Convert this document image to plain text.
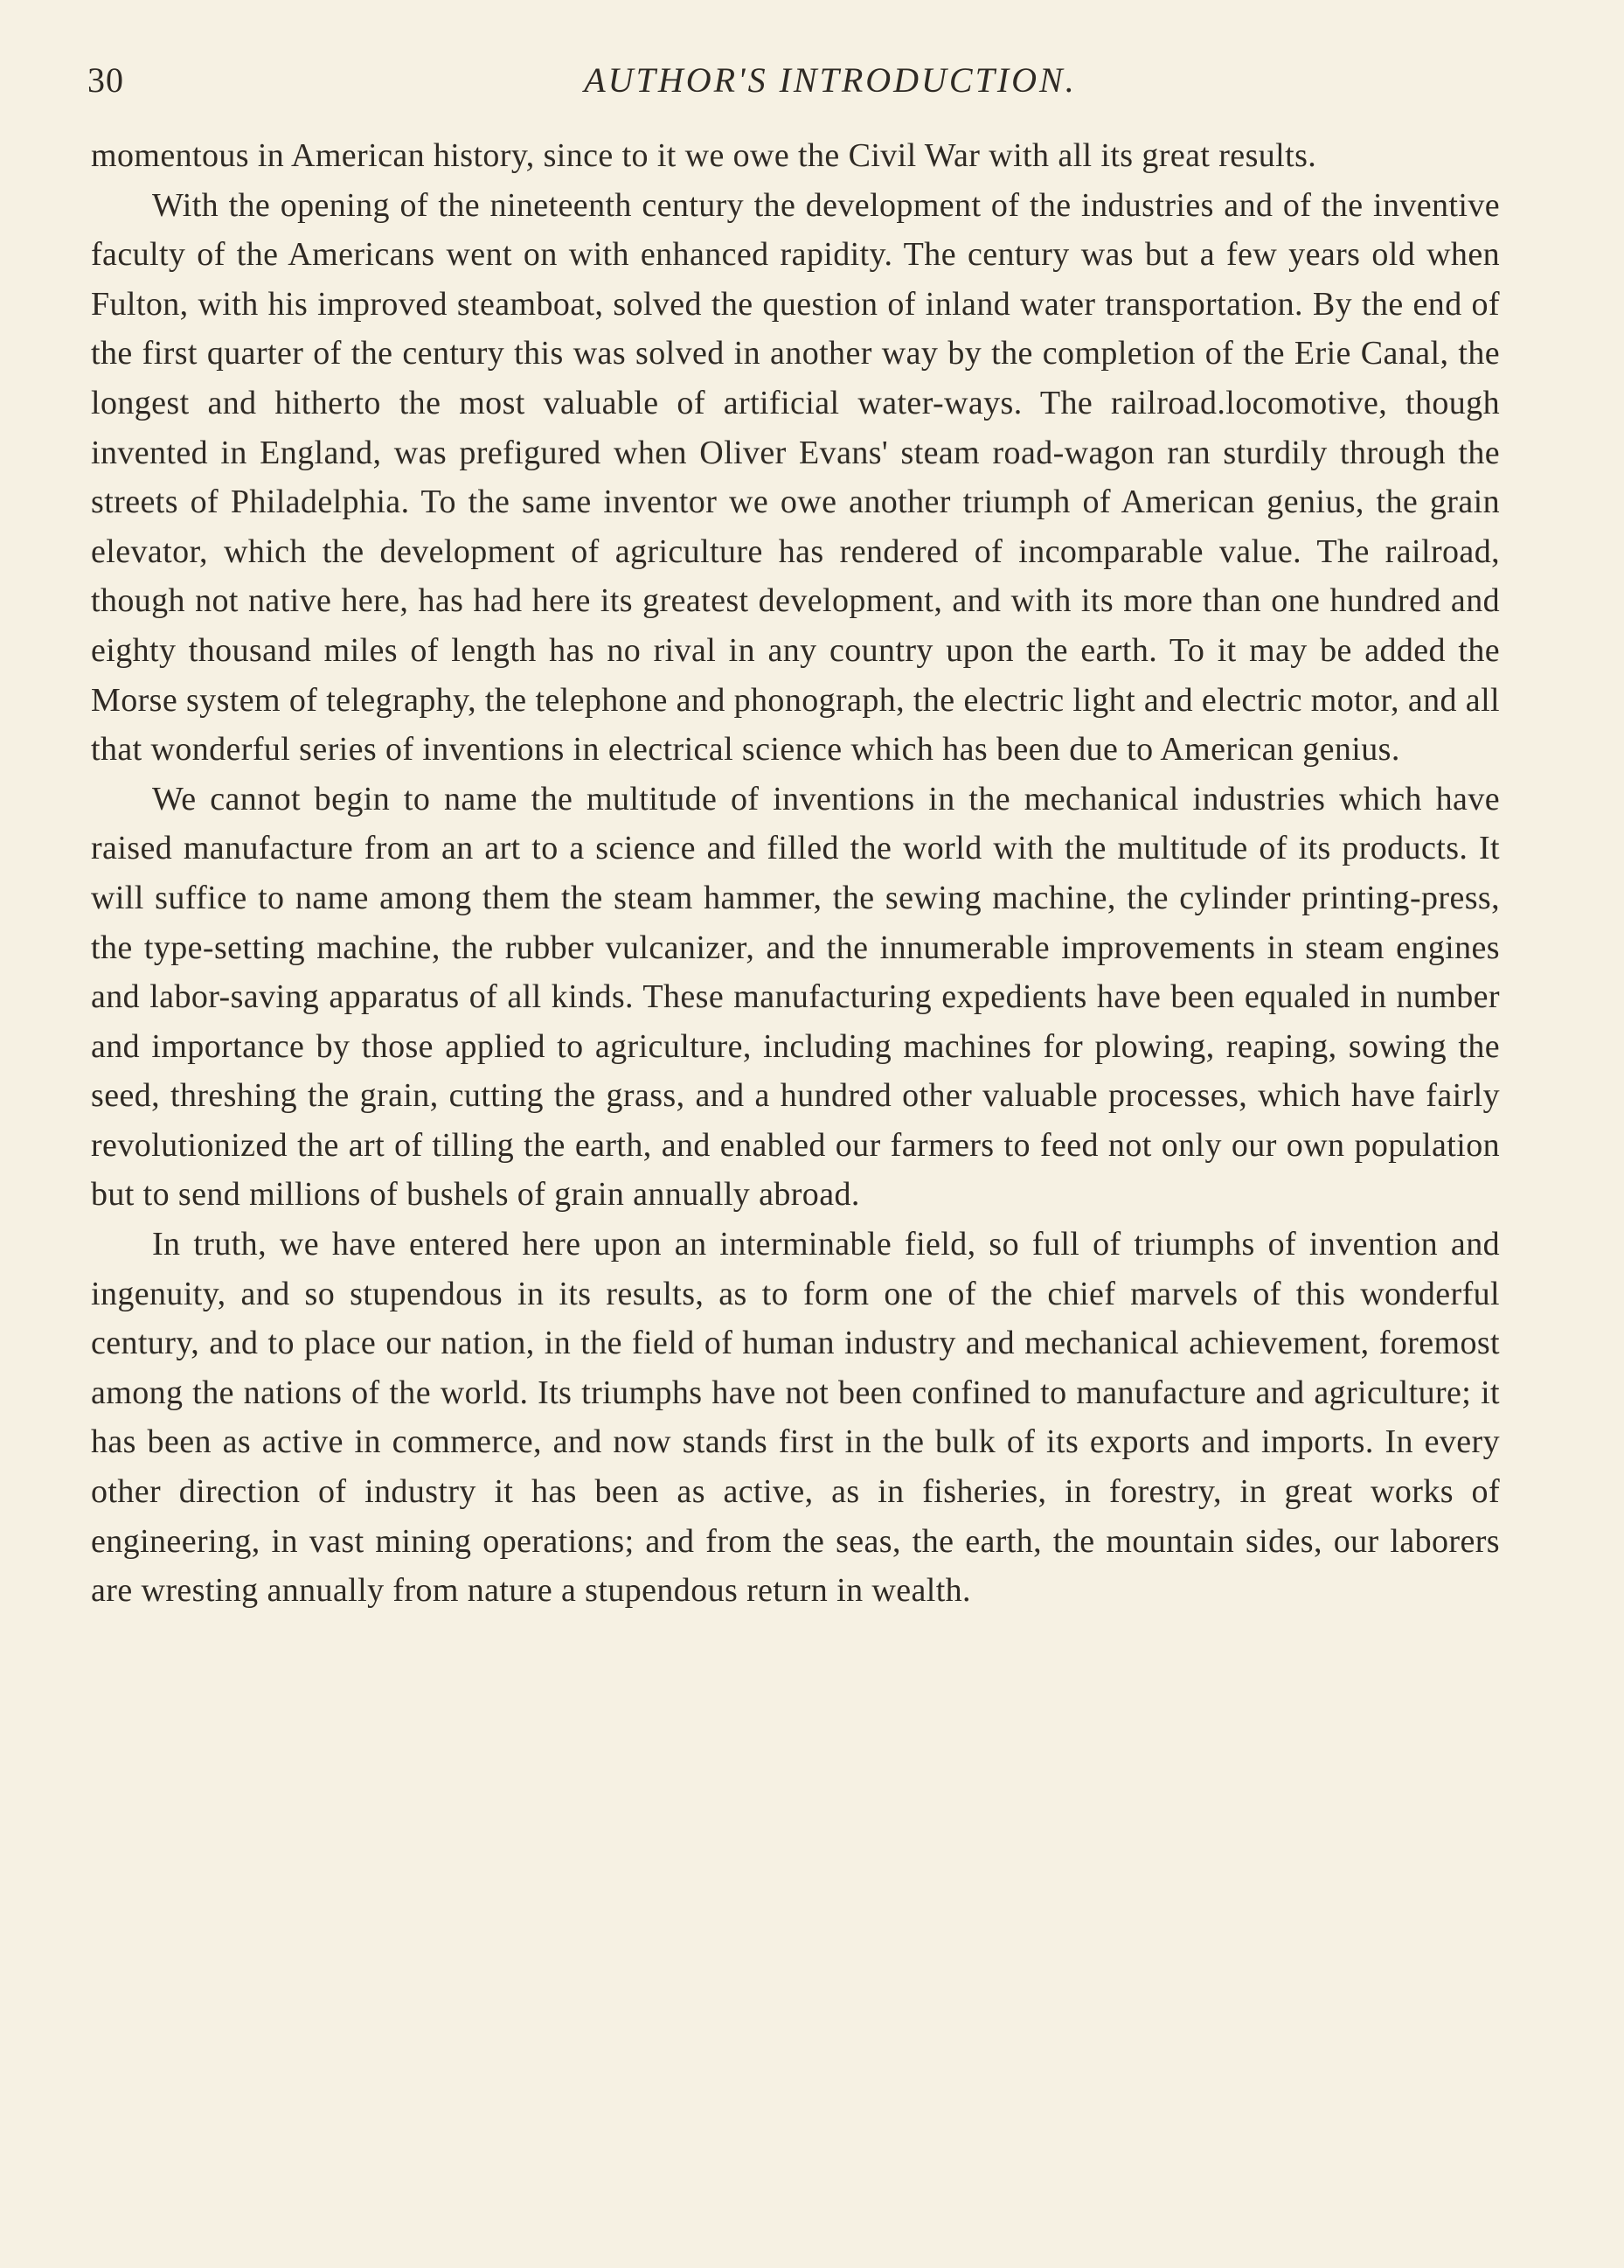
30	AUTHOR'S INTRODUCTION.

momentous in American history, since to it we owe the Civil War with all its great results.

With the opening of the nineteenth century the development of the industries and of the inventive faculty of the Americans went on with enhanced rapidity. The century was but a few years old when Fulton, with his improved steamboat, solved the question of inland water transportation. By the end of the first quarter of the century this was solved in another way by the completion of the Erie Canal, the longest and hitherto the most valuable of artificial water-ways. The railroad.locomotive, though invented in England, was prefigured when Oliver Evans' steam road-wagon ran sturdily through the streets of Philadelphia. To the same inventor we owe another triumph of American genius, the grain elevator, which the development of agriculture has rendered of incomparable value. The railroad, though not native here, has had here its greatest development, and with its more than one hundred and eighty thousand miles of length has no rival in any country upon the earth. To it may be added the Morse system of telegraphy, the telephone and phonograph, the electric light and electric motor, and all that wonderful series of inventions in electrical science which has been due to American genius.

We cannot begin to name the multitude of inventions in the mechanical industries which have raised manufacture from an art to a science and filled the world with the multitude of its products. It will suffice to name among them the steam hammer, the sewing machine, the cylinder printing-press, the type-setting machine, the rubber vulcanizer, and the innumerable improvements in steam engines and labor-saving apparatus of all kinds. These manufacturing expedients have been equaled in number and importance by those applied to agriculture, including machines for plowing, reaping, sowing the seed, threshing the grain, cutting the grass, and a hundred other valuable processes, which have fairly revolutionized the art of tilling the earth, and enabled our farmers to feed not only our own population but to send millions of bushels of grain annually abroad.

In truth, we have entered here upon an interminable field, so full of triumphs of invention and ingenuity, and so stupendous in its results, as to form one of the chief marvels of this wonderful century, and to place our nation, in the field of human industry and mechanical achievement, foremost among the nations of the world. Its triumphs have not been confined to manufacture and agriculture; it has been as active in commerce, and now stands first in the bulk of its exports and imports. In every other direction of industry it has been as active, as in fisheries, in forestry, in great works of engineering, in vast mining operations; and from the seas, the earth, the mountain sides, our laborers are wresting annually from nature a stupendous return in wealth.
